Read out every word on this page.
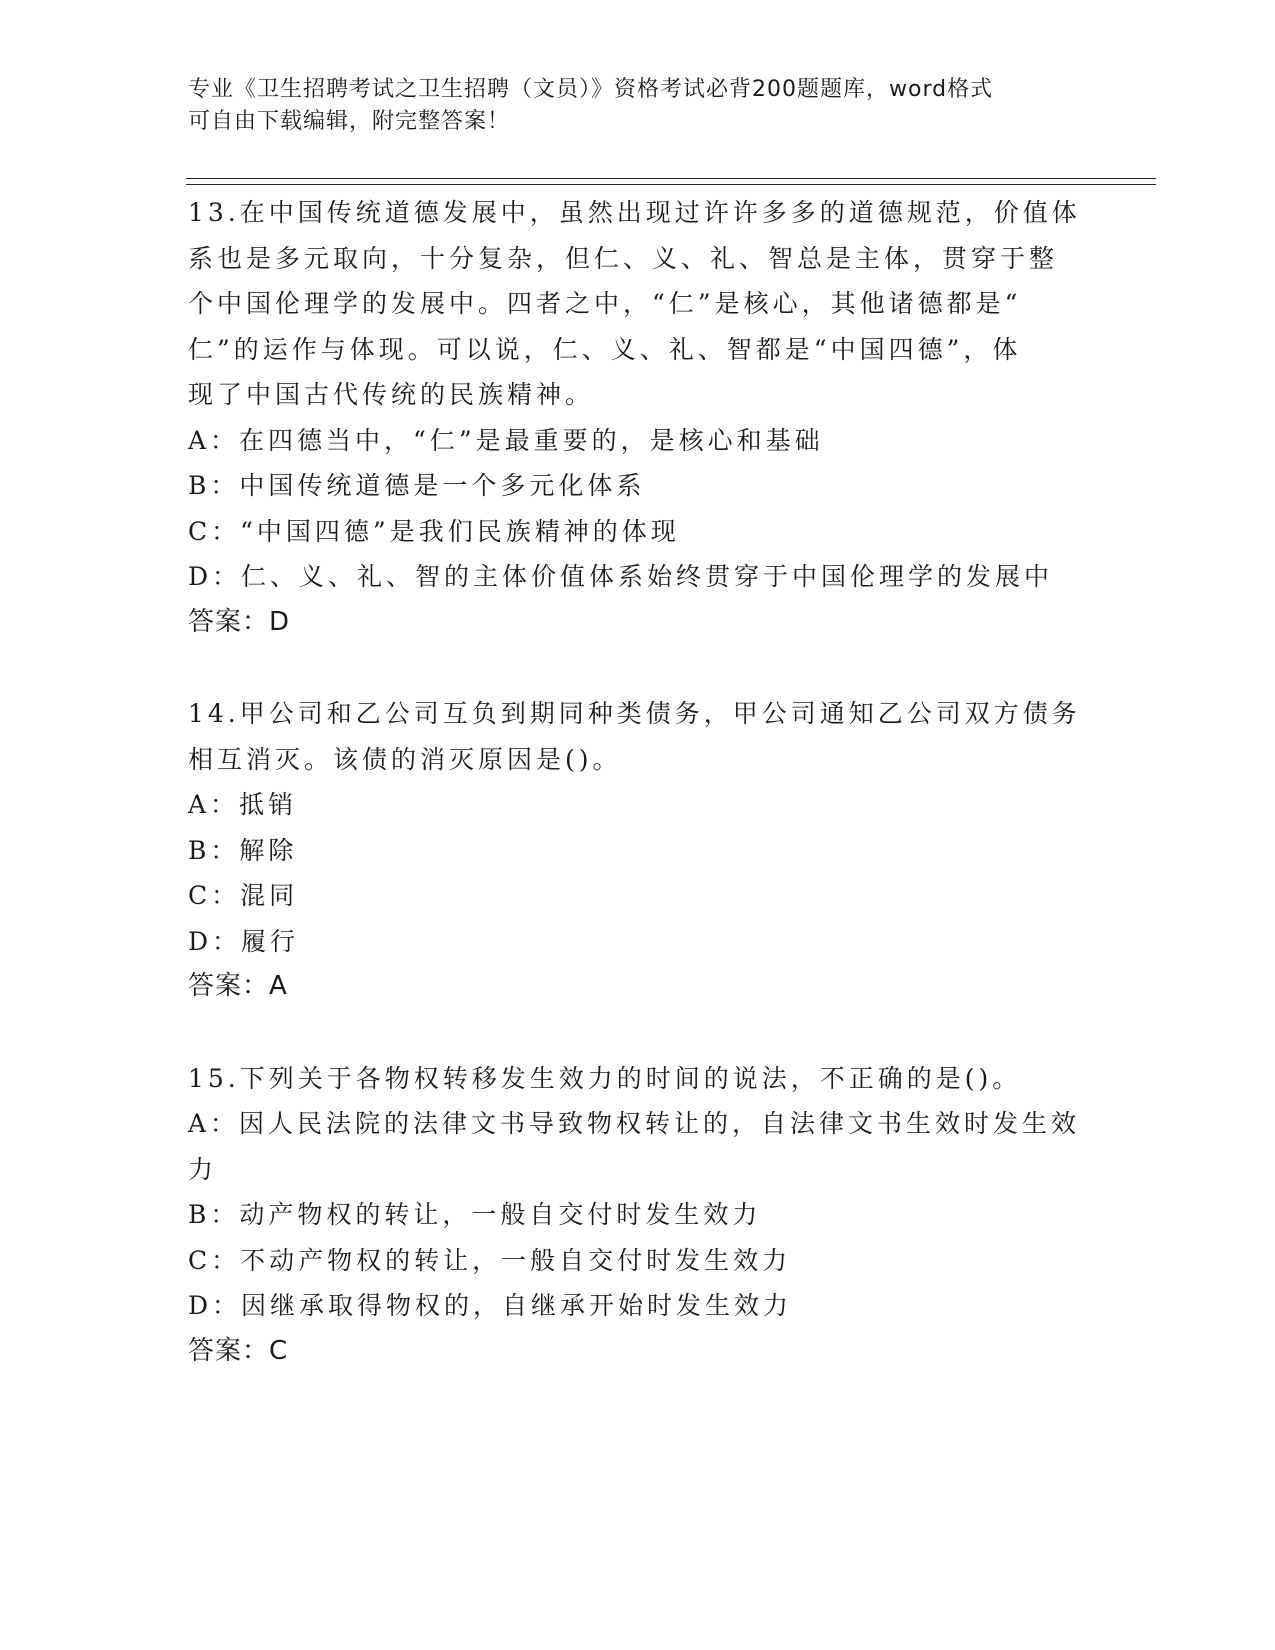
专业《卫生招聘考试之卫生招聘（文员）》资格考试必背200题题库，word格式
可自由下载编辑，附完整答案！
13.在中国传统道德发展中，虽然出现过许许多多的道德规范，价值体
系也是多元取向，十分复杂，但仁、义、礼、智总是主体，贯穿于整
个中国伦理学的发展中。四者之中，“仁”是核心，其他诸德都是“
仁”的运作与体现。可以说，仁、义、礼、智都是“中国四德”，体
现了中国古代传统的民族精神。
A：在四德当中，“仁”是最重要的，是核心和基础
B：中国传统道德是一个多元化体系
C：“中国四德”是我们民族精神的体现
D：仁、义、礼、智的主体价值体系始终贯穿于中国伦理学的发展中
答案：D
14.甲公司和乙公司互负到期同种类债务，甲公司通知乙公司双方债务
相互消灭。该债的消灭原因是()。
A：抵销
B：解除
C：混同
D：履行
答案：A
15.下列关于各物权转移发生效力的时间的说法，不正确的是()。
A：因人民法院的法律文书导致物权转让的，自法律文书生效时发生效
力
B：动产物权的转让，一般自交付时发生效力
C：不动产物权的转让，一般自交付时发生效力
D：因继承取得物权的，自继承开始时发生效力
答案：C
